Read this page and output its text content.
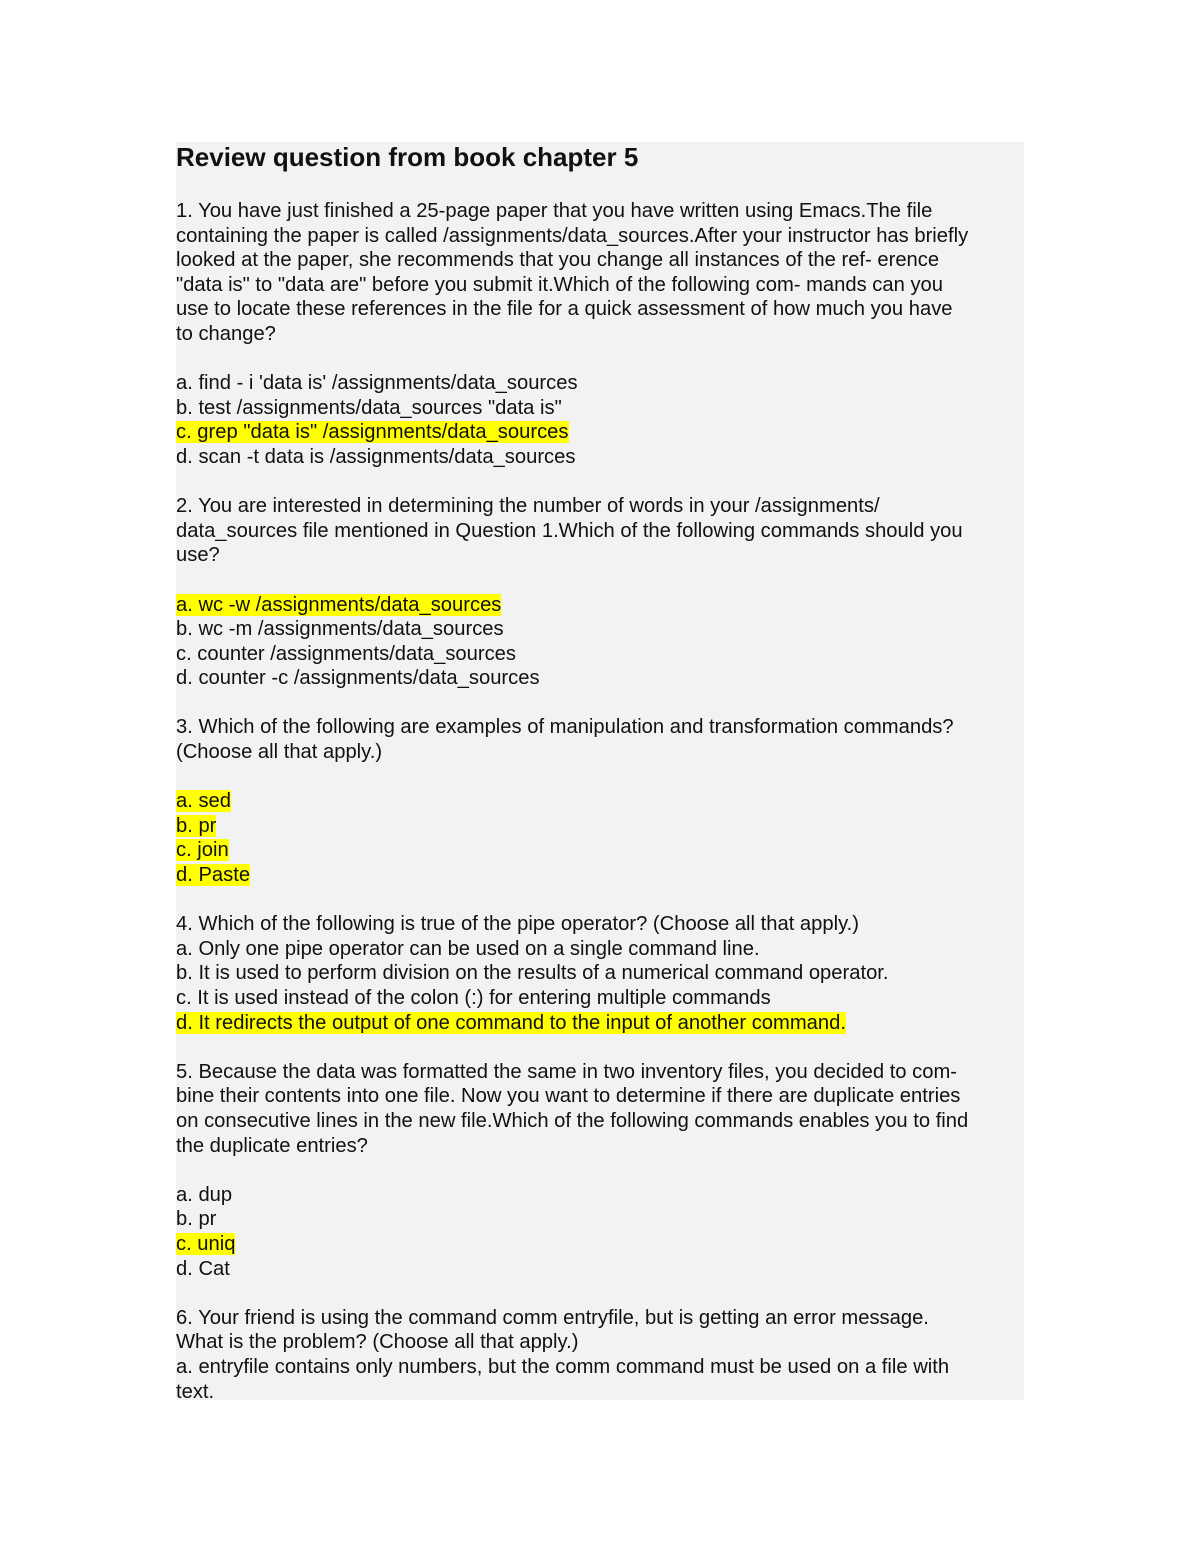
Review question from book chapter 5

1. You have just finished a 25-page paper that you have written using Emacs.The file
containing the paper is called /assignments/data_sources.After your instructor has briefly
looked at the paper, she recommends that you change all instances of the ref- erence
"data is" to "data are" before you submit it.Which of the following com- mands can you
use to locate these references in the file for a quick assessment of how much you have
to change?

a. find - i 'data is' /assignments/data_sources
b. test /assignments/data_sources "data is"
c. grep "data is" /assignments/data_sources
d. scan -t data is /assignments/data_sources

2. You are interested in determining the number of words in your /assignments/
data_sources file mentioned in Question 1.Which of the following commands should you
use?

a. wc -w /assignments/data_sources
b. wc -m /assignments/data_sources
c. counter /assignments/data_sources
d. counter -c /assignments/data_sources

3. Which of the following are examples of manipulation and transformation commands?
(Choose all that apply.)

a. sed
b. pr
c. join
d. Paste

4. Which of the following is true of the pipe operator? (Choose all that apply.)

a. Only one pipe operator can be used on a single command line.
b. It is used to perform division on the results of a numerical command operator.
c. It is used instead of the colon (:) for entering multiple commands
d. It redirects the output of one command to the input of another command.

5. Because the data was formatted the same in two inventory files, you decided to com-
bine their contents into one file. Now you want to determine if there are duplicate entries
on consecutive lines in the new file.Which of the following commands enables you to find
the duplicate entries?

a. dup
b. pr
c. uniq
d. Cat

6. Your friend is using the command comm entryfile, but is getting an error message.
What is the problem? (Choose all that apply.)

a. entryfile contains only numbers, but the comm command must be used on a file with
text.
